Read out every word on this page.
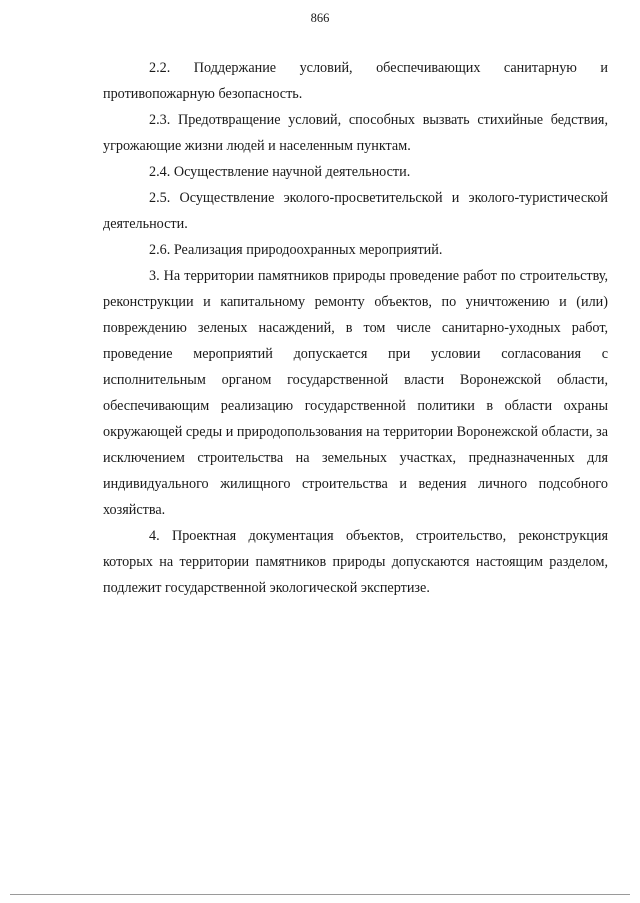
866

2.2. Поддержание условий, обеспечивающих санитарную и противопожарную безопасность.

2.3. Предотвращение условий, способных вызвать стихийные бедствия, угрожающие жизни людей и населенным пунктам.

2.4. Осуществление научной деятельности.

2.5. Осуществление эколого-просветительской и эколого-туристической деятельности.

2.6. Реализация природоохранных мероприятий.

3. На территории памятников природы проведение работ по строительству, реконструкции и капитальному ремонту объектов, по уничтожению и (или) повреждению зеленых насаждений, в том числе санитарно-уходных работ, проведение мероприятий допускается при условии согласования с исполнительным органом государственной власти Воронежской области, обеспечивающим реализацию государственной политики в области охраны окружающей среды и природопользования на территории Воронежской области, за исключением строительства на земельных участках, предназначенных для индивидуального жилищного строительства и ведения личного подсобного хозяйства.

4. Проектная документация объектов, строительство, реконструкция которых на территории памятников природы допускаются настоящим разделом, подлежит государственной экологической экспертизе.
